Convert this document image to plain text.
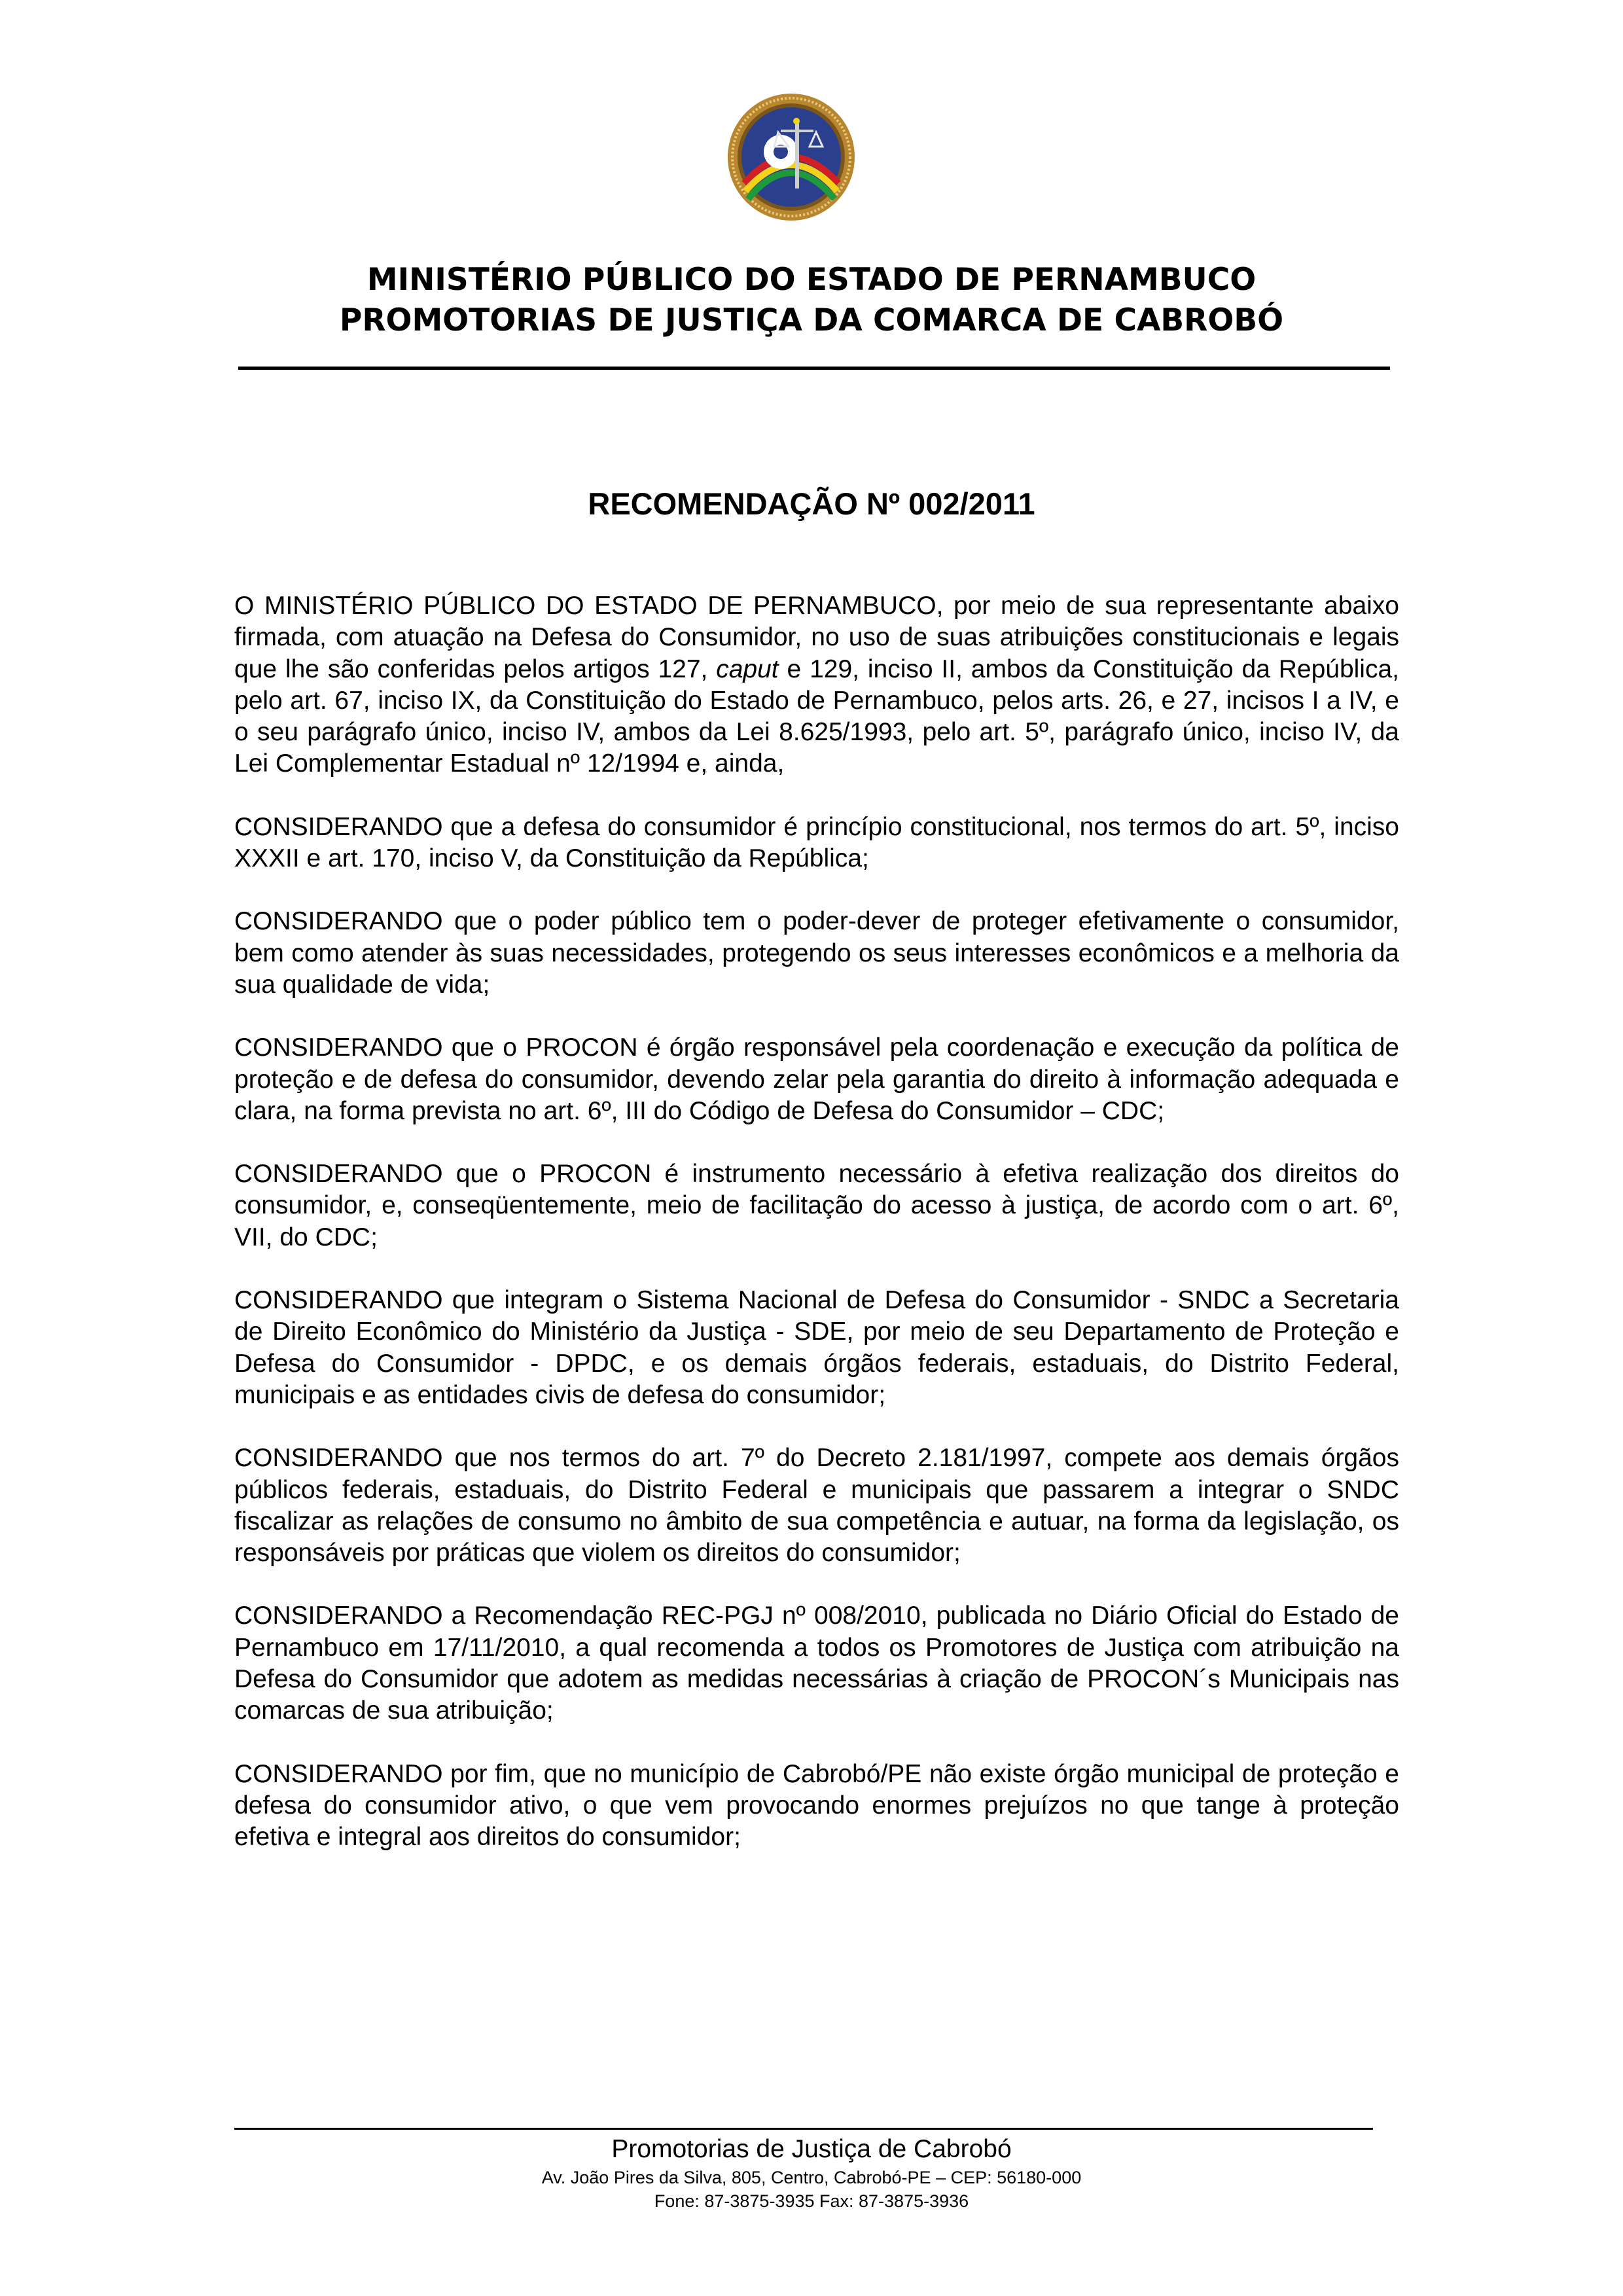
MINISTÉRIO PÚBLICO DO ESTADO DE PERNAMBUCO
PROMOTORIAS DE JUSTIÇA DA COMARCA DE CABROBÓ
RECOMENDAÇÃO Nº 002/2011

O MINISTÉRIO PÚBLICO DO ESTADO DE PERNAMBUCO, por meio de sua representante abaixo firmada, com atuação na Defesa do Consumidor, no uso de suas atribuições constitucionais e legais que lhe são conferidas pelos artigos 127, caput e 129, inciso II, ambos da Constituição da República, pelo art. 67, inciso IX, da Constituição do Estado de Pernambuco, pelos arts. 26, e 27, incisos I a IV, e o seu parágrafo único, inciso IV, ambos da Lei 8.625/1993, pelo art. 5º, parágrafo único, inciso IV, da Lei Complementar Estadual nº 12/1994 e, ainda,

CONSIDERANDO que a defesa do consumidor é princípio constitucional, nos termos do art. 5º, inciso XXXII e art. 170, inciso V, da Constituição da República;

CONSIDERANDO que o poder público tem o poder-dever de proteger efetivamente o consumidor, bem como atender às suas necessidades, protegendo os seus interesses econômicos e a melhoria da sua qualidade de vida;

CONSIDERANDO que o PROCON é órgão responsável pela coordenação e execução da política de proteção e de defesa do consumidor, devendo zelar pela garantia do direito à informação adequada e clara, na forma prevista no art. 6º, III do Código de Defesa do Consumidor – CDC;

CONSIDERANDO que o PROCON é instrumento necessário à efetiva realização dos direitos do consumidor, e, conseqüentemente, meio de facilitação do acesso à justiça, de acordo com o art. 6º, VII, do CDC;

CONSIDERANDO que integram o Sistema Nacional de Defesa do Consumidor - SNDC a Secretaria de Direito Econômico do Ministério da Justiça - SDE, por meio de seu Departamento de Proteção e Defesa do Consumidor - DPDC, e os demais órgãos federais, estaduais, do Distrito Federal, municipais e as entidades civis de defesa do consumidor;

CONSIDERANDO que nos termos do art. 7º do Decreto 2.181/1997, compete aos demais órgãos públicos federais, estaduais, do Distrito Federal e municipais que passarem a integrar o SNDC fiscalizar as relações de consumo no âmbito de sua competência e autuar, na forma da legislação, os responsáveis por práticas que violem os direitos do consumidor;

CONSIDERANDO a Recomendação REC-PGJ nº 008/2010, publicada no Diário Oficial do Estado de Pernambuco em 17/11/2010, a qual recomenda a todos os Promotores de Justiça com atribuição na Defesa do Consumidor que adotem as medidas necessárias à criação de PROCON´s Municipais nas comarcas de sua atribuição;

CONSIDERANDO por fim, que no município de Cabrobó/PE não existe órgão municipal de proteção e defesa do consumidor ativo, o que vem provocando enormes prejuízos no que tange à proteção efetiva e integral aos direitos do consumidor;

Promotorias de Justiça de Cabrobó
Av. João Pires da Silva, 805, Centro, Cabrobó-PE – CEP: 56180-000
Fone: 87-3875-3935 Fax: 87-3875-3936
